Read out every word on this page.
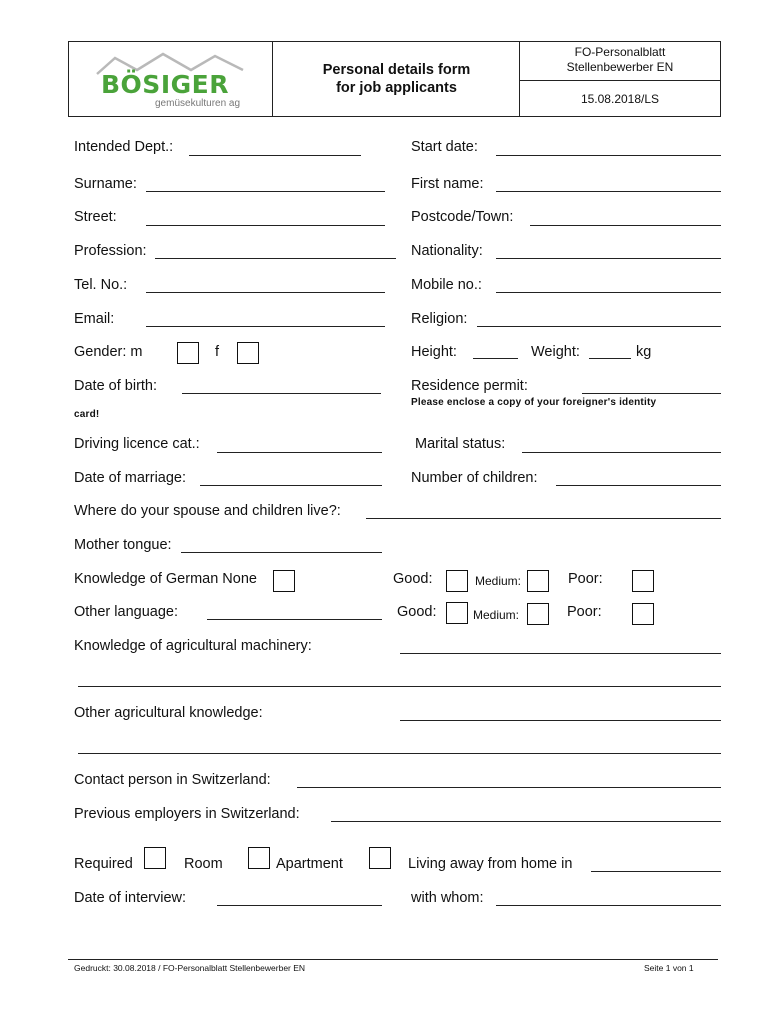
BÖSIGER
gemüsekulturen ag
Personal details form
for job applicants
FO-Personalblatt
Stellenbewerber EN
15.08.2018/LS
Intended Dept.:	Start date:
Surname:	First name:
Street:	Postcode/Town:
Profession:	Nationality:
Tel. No.:	Mobile no.:
Email:	Religion:
Gender: m	f	Height:	Weight:	kg
Date of birth:	Residence permit:
Please enclose a copy of your foreigner's identity
card!
Driving licence cat.:	Marital status:
Date of marriage:	Number of children:
Where do your spouse and children live?:
Mother tongue:
Knowledge of German None	Good:	Medium:	Poor:
Other language:	Good:	Medium:	Poor:
Knowledge of agricultural machinery:
Other agricultural knowledge:
Contact person in Switzerland:
Previous employers in Switzerland:
Required	Room	Apartment	Living away from home in
Date of interview:	with whom:
Gedruckt: 30.08.2018 / FO-Personalblatt Stellenbewerber EN	Seite 1 von 1
